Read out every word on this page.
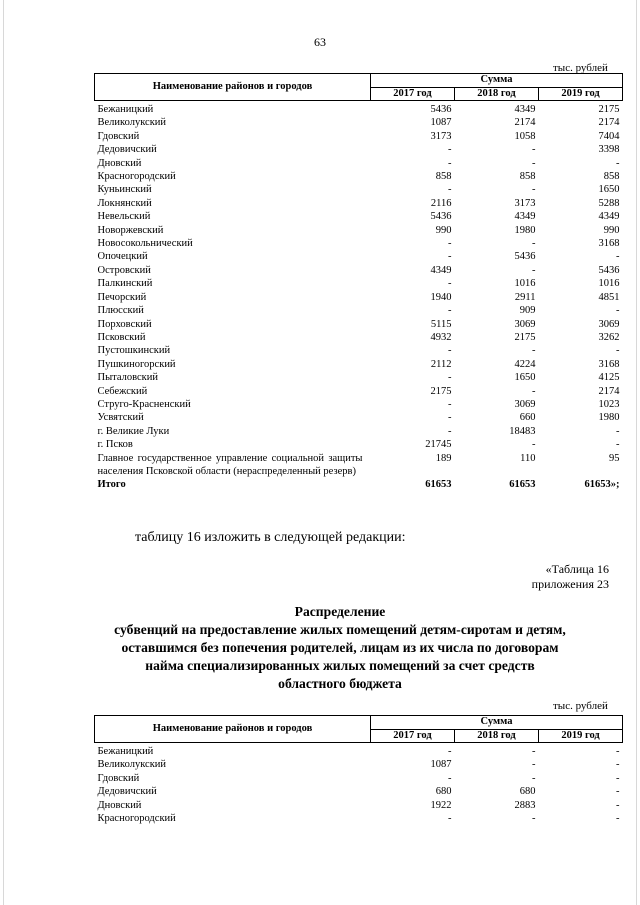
63
тыс. рублей
Наименование районов и городов	Сумма		
	2017 год	2018 год	2019 год
Бежаницкий	5436	4349	2175
Великолукский	1087	2174	2174
Гдовский	3173	1058	7404
Дедовичский	-	-	3398
Дновский	-	-	-
Красногородский	858	858	858
Куньинский	-	-	1650
Локнянский	2116	3173	5288
Невельский	5436	4349	4349
Новоржевский	990	1980	990
Новосокольнический	-	-	3168
Опочецкий	-	5436	-
Островский	4349	-	5436
Палкинский	-	1016	1016
Печорский	1940	2911	4851
Плюсский	-	909	-
Порховский	5115	3069	3069
Псковский	4932	2175	3262
Пустошкинский	-	-	-
Пушкиногорский	2112	4224	3168
Пыталовский	-	1650	4125
Себежский	2175	-	2174
Струго-Красненский	-	3069	1023
Усвятский	-	660	1980
г. Великие Луки	-	18483	-
г. Псков	21745	-	-
Главное государственное управление социальной защиты населения Псковской области (нераспределенный резерв)	189	110	95
Итого	61653	61653	61653»;
таблицу 16 изложить в следующей редакции:
«Таблица 16
приложения 23
Распределение
субвенций на предоставление жилых помещений детям-сиротам и детям,
оставшимся без попечения родителей, лицам из их числа по договорам
найма специализированных жилых помещений за счет средств
областного бюджета
тыс. рублей
Наименование районов и городов	Сумма		
	2017 год	2018 год	2019 год
Бежаницкий	-	-	-
Великолукский	1087	-	-
Гдовский	-	-	-
Дедовичский	680	680	-
Дновский	1922	2883	-
Красногородский	-	-	-
